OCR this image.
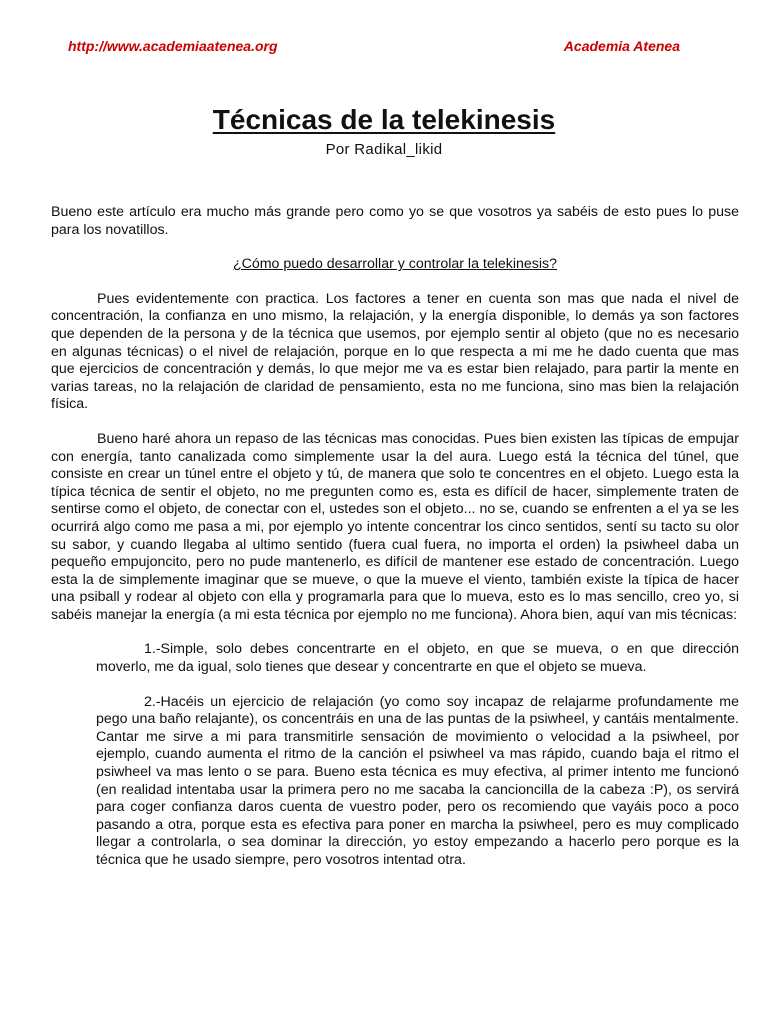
http://www.academiaatenea.org	Academia Atenea
Técnicas de la telekinesis
Por Radikal_likid

Bueno este artículo era mucho más grande pero como yo se que vosotros ya sabéis de esto pues lo puse para los novatillos.

¿Cómo puedo desarrollar y controlar la telekinesis?

Pues evidentemente con practica. Los factores a tener en cuenta son mas que nada el nivel de concentración, la confianza en uno mismo, la relajación, y la energía disponible, lo demás ya son factores que dependen de la persona y de la técnica que usemos, por ejemplo sentir al objeto (que no es necesario en algunas técnicas) o el nivel de relajación, porque en lo que respecta a mi me he dado cuenta que mas que ejercicios de concentración y demás, lo que mejor me va es estar bien relajado, para partir la mente en varias tareas, no la relajación de claridad de pensamiento, esta no me funciona, sino mas bien la relajación física.

Bueno haré ahora un repaso de las técnicas mas conocidas. Pues bien existen las típicas de empujar con energía, tanto canalizada como simplemente usar la del aura. Luego está la técnica del túnel, que consiste en crear un túnel entre el objeto y tú, de manera que solo te concentres en el objeto. Luego esta la típica técnica de sentir el objeto, no me pregunten como es, esta es difícil de hacer, simplemente traten de sentirse como el objeto, de conectar con el, ustedes son el objeto... no se, cuando se enfrenten a el ya se les ocurrirá algo como me pasa a mi, por ejemplo yo intente concentrar los cinco sentidos, sentí su tacto su olor su sabor, y cuando llegaba al ultimo sentido (fuera cual fuera, no importa el orden) la psiwheel daba un pequeño empujoncito, pero no pude mantenerlo, es difícil de mantener ese estado de concentración. Luego esta la de simplemente imaginar que se mueve, o que la mueve el viento, también existe la típica de hacer una psiball y rodear al objeto con ella y programarla para que lo mueva, esto es lo mas sencillo, creo yo, si sabéis manejar la energía (a mi esta técnica por ejemplo no me funciona). Ahora bien, aquí van mis técnicas:

1.-Simple, solo debes concentrarte en el objeto, en que se mueva, o en que dirección moverlo, me da igual, solo tienes que desear y concentrarte en que el objeto se mueva.

2.-Hacéis un ejercicio de relajación (yo como soy incapaz de relajarme profundamente me pego una baño relajante), os concentráis en una de las puntas de la psiwheel, y cantáis mentalmente. Cantar me sirve a mi para transmitirle sensación de movimiento o velocidad a la psiwheel, por ejemplo, cuando aumenta el ritmo de la canción el psiwheel va mas rápido, cuando baja el ritmo el psiwheel va mas lento o se para. Bueno esta técnica es muy efectiva, al primer intento me funcionó (en realidad intentaba usar la primera pero no me sacaba la cancioncilla de la cabeza :P), os servirá para coger confianza daros cuenta de vuestro poder, pero os recomiendo que vayáis poco a poco pasando a otra, porque esta es efectiva para poner en marcha la psiwheel, pero es muy complicado llegar a controlarla, o sea dominar la dirección, yo estoy empezando a hacerlo pero porque es la técnica que he usado siempre, pero vosotros intentad otra.
